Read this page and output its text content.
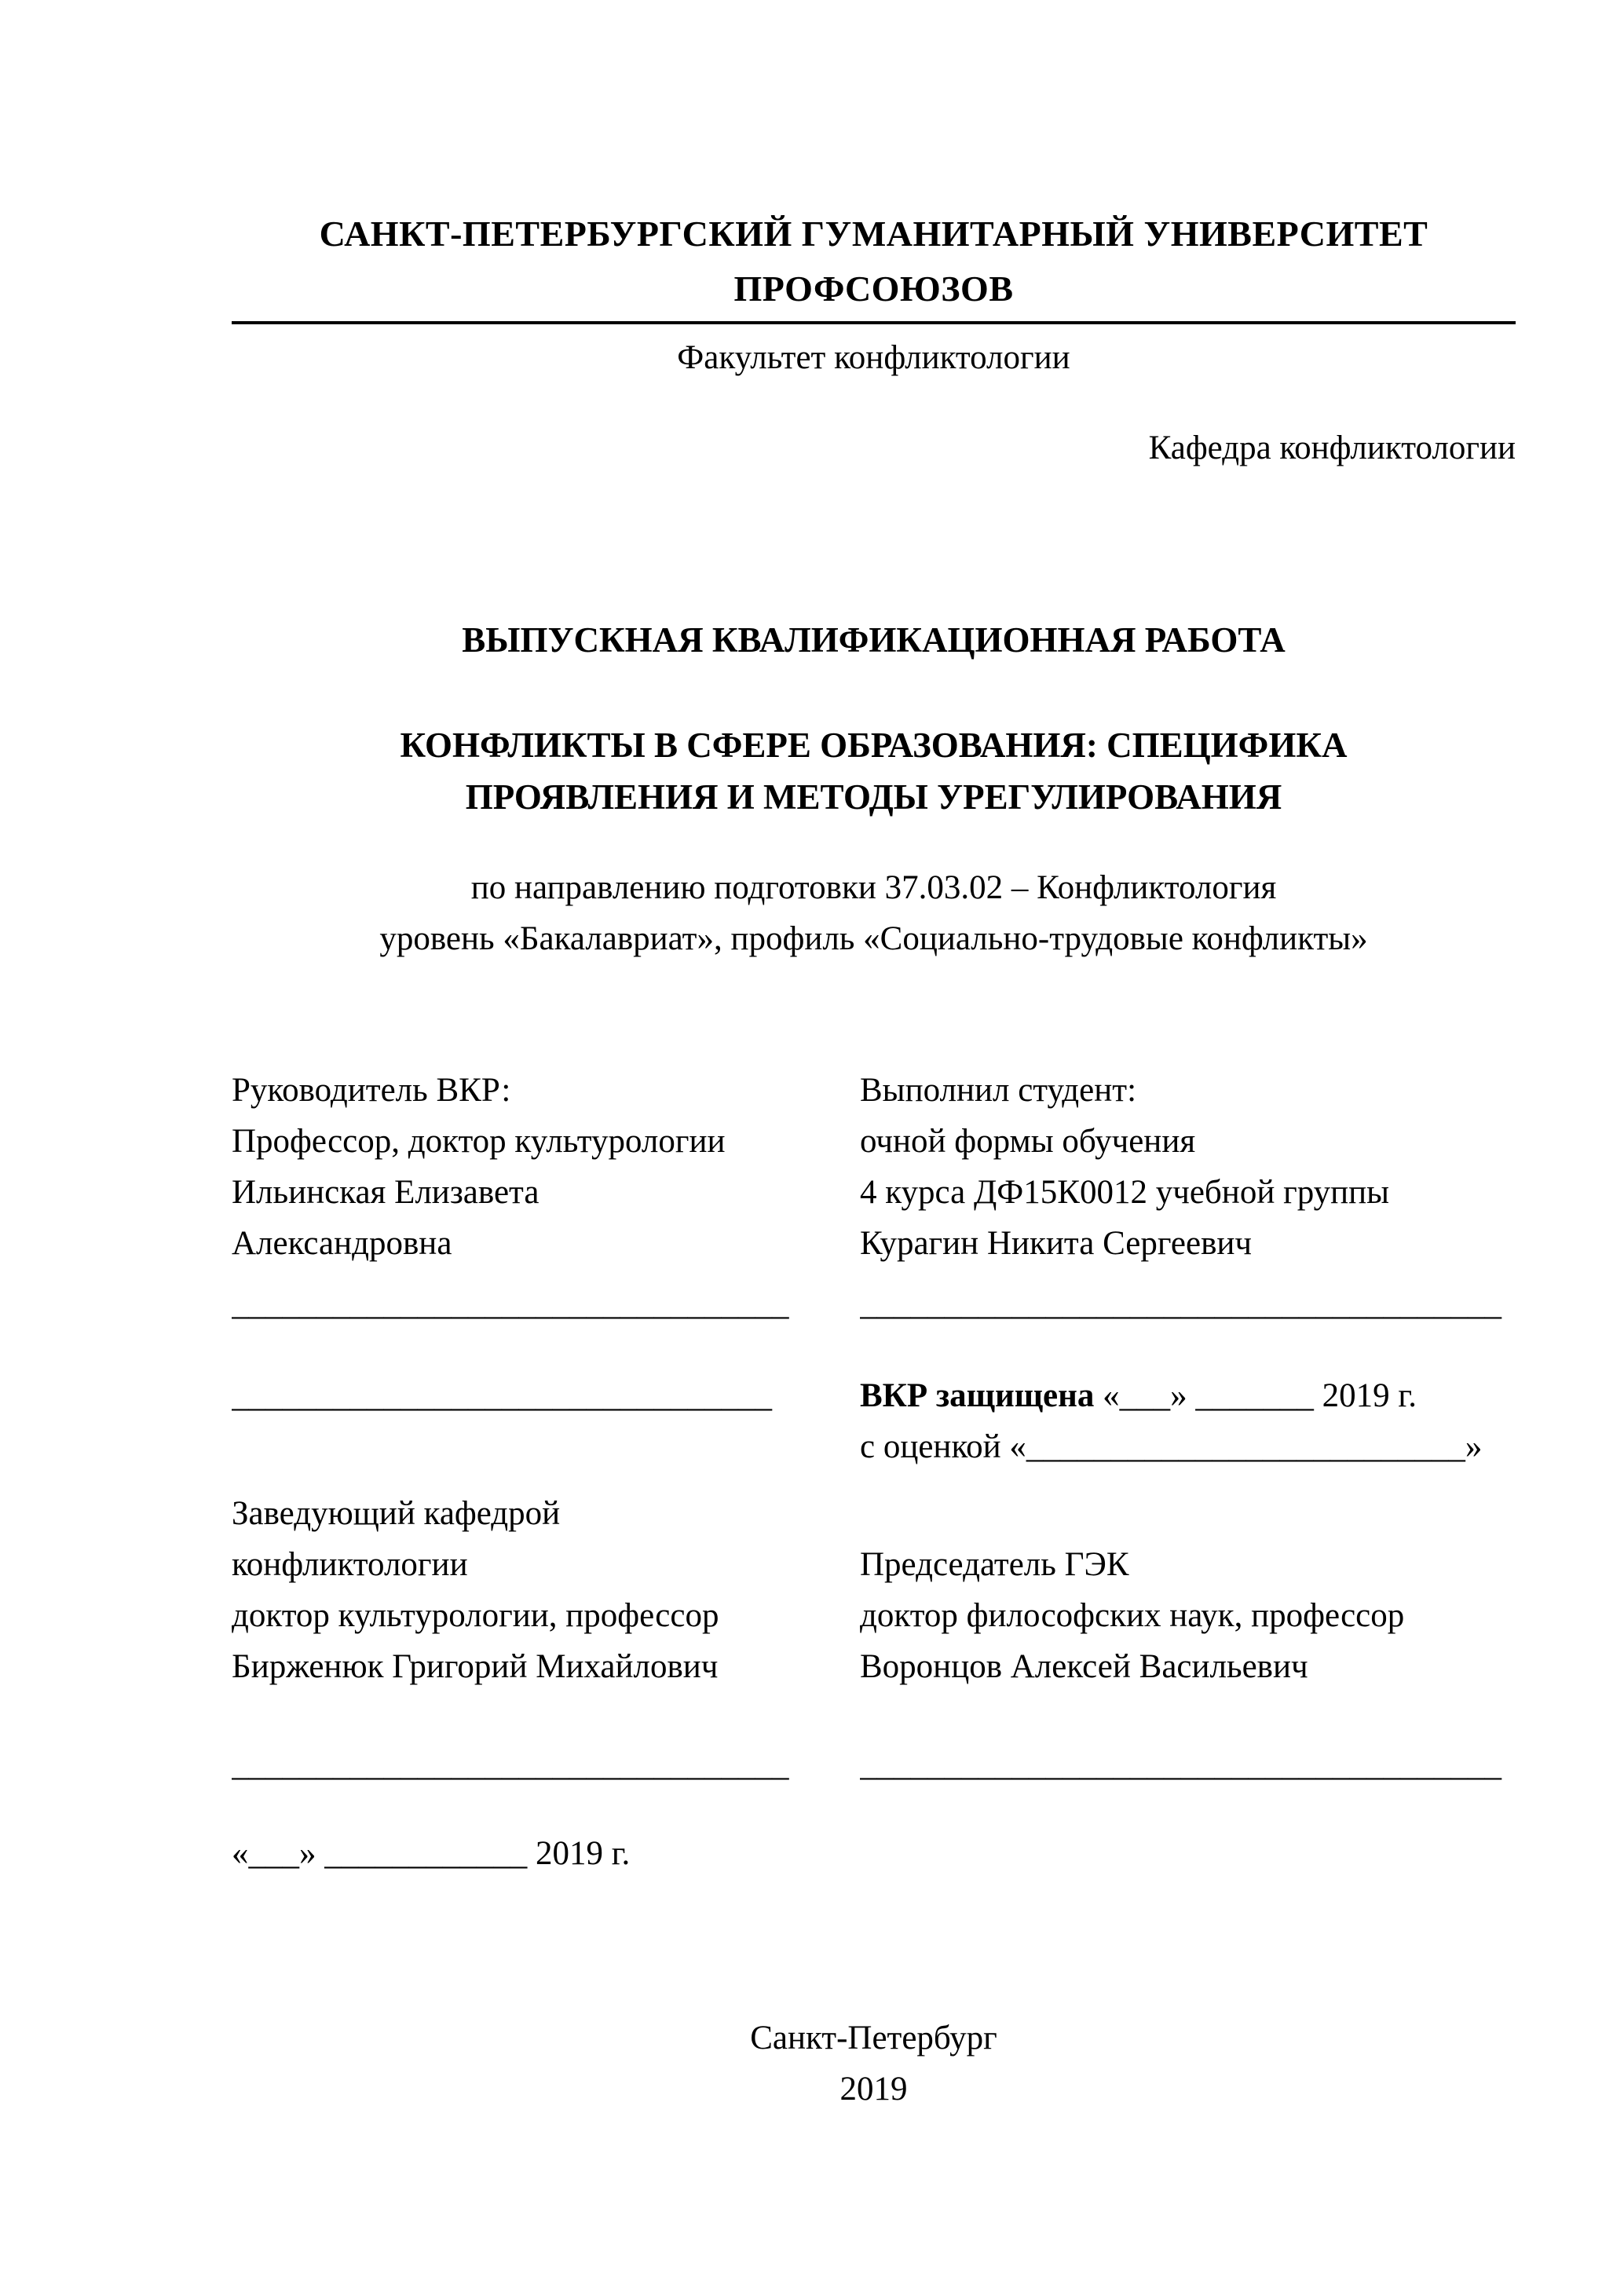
САНКТ-ПЕТЕРБУРГСКИЙ ГУМАНИТАРНЫЙ УНИВЕРСИТЕТ
ПРОФСОЮЗОВ
Факультет конфликтологии
Кафедра конфликтологии
ВЫПУСКНАЯ КВАЛИФИКАЦИОННАЯ РАБОТА
КОНФЛИКТЫ В СФЕРЕ ОБРАЗОВАНИЯ: СПЕЦИФИКА
ПРОЯВЛЕНИЯ И МЕТОДЫ УРЕГУЛИРОВАНИЯ
по направлению подготовки 37.03.02 – Конфликтология
уровень «Бакалавриат», профиль «Социально-трудовые конфликты»
Руководитель ВКР:
Профессор, доктор культурологии
Ильинская Елизавета
Александровна
Выполнил студент:
очной формы обучения
4 курса ДФ15К0012 учебной группы
Курагин Никита Сергеевич
_________________________________	______________________________________
________________________________	ВКР защищена «___» _______ 2019 г.
с оценкой «__________________________»
Заведующий кафедрой
конфликтологии
доктор культурологии, профессор
Бирженюк Григорий Михайлович
Председатель ГЭК
доктор философских наук, профессор
Воронцов Алексей Васильевич
_________________________________	______________________________________
«___» ____________ 2019 г.
Санкт-Петербург
2019
